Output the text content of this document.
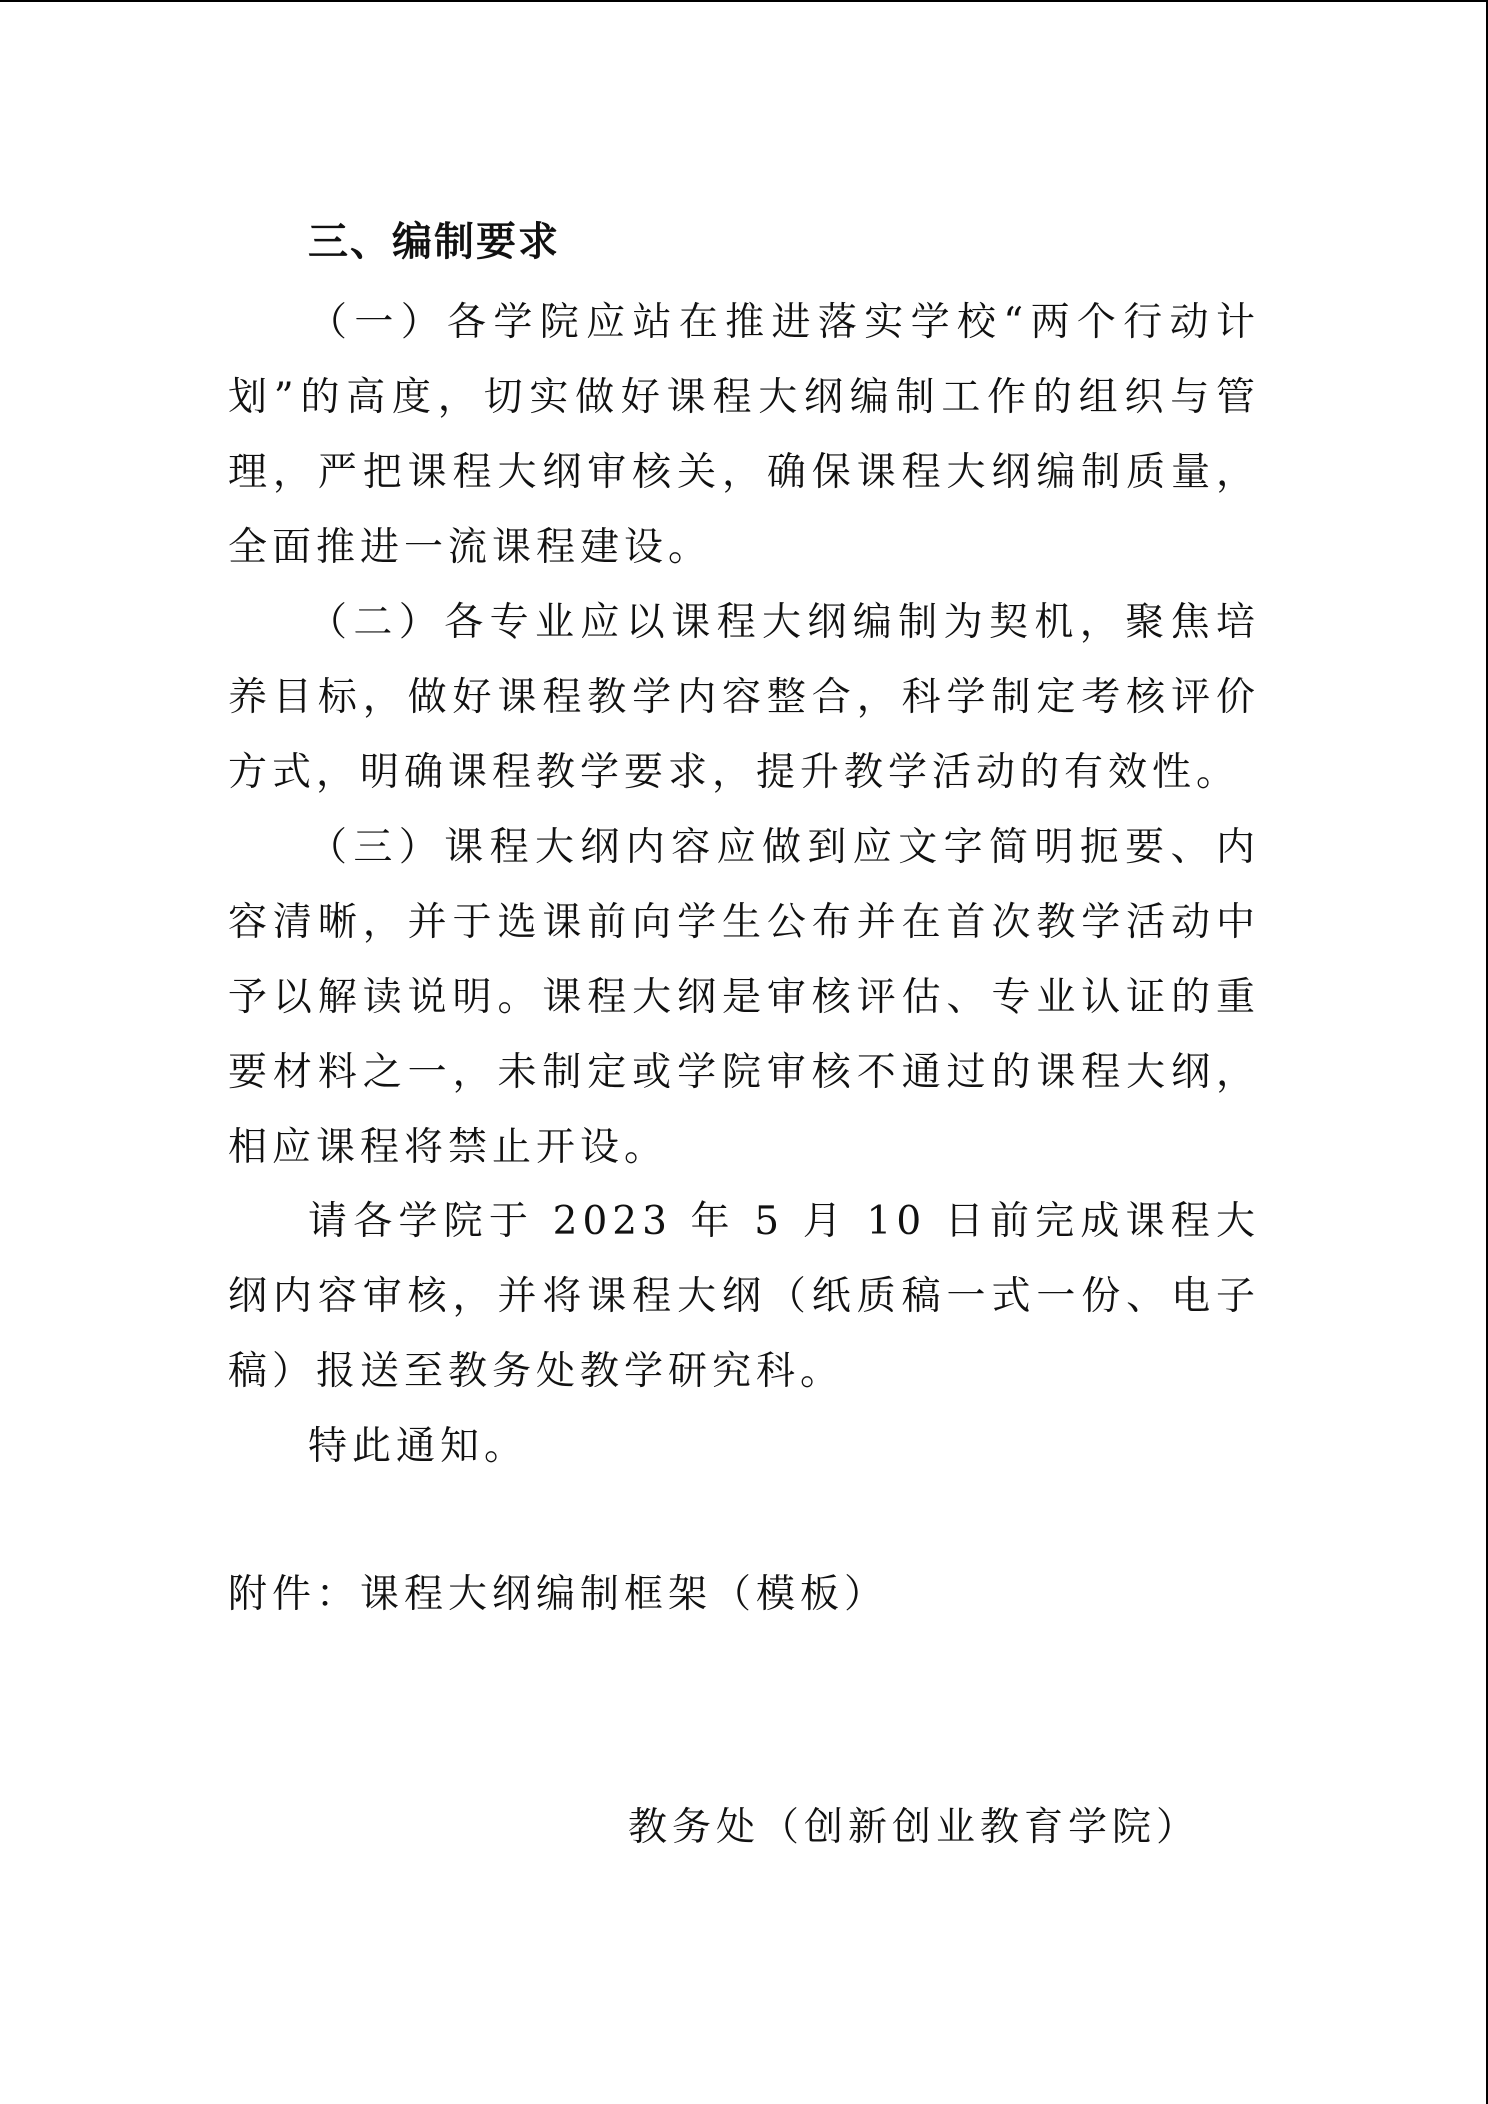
三、编制要求

（一）各学院应站在推进落实学校“两个行动计划”的高度，切实做好课程大纲编制工作的组织与管理，严把课程大纲审核关，确保课程大纲编制质量，全面推进一流课程建设。

（二）各专业应以课程大纲编制为契机，聚焦培养目标，做好课程教学内容整合，科学制定考核评价方式，明确课程教学要求，提升教学活动的有效性。

（三）课程大纲内容应做到应文字简明扼要、内容清晰，并于选课前向学生公布并在首次教学活动中予以解读说明。课程大纲是审核评估、专业认证的重要材料之一，未制定或学院审核不通过的课程大纲，相应课程将禁止开设。

请各学院于 2023 年 5 月 10 日前完成课程大纲内容审核，并将课程大纲（纸质稿一式一份、电子稿）报送至教务处教学研究科。

特此通知。

附件：课程大纲编制框架（模板）

教务处（创新创业教育学院）
